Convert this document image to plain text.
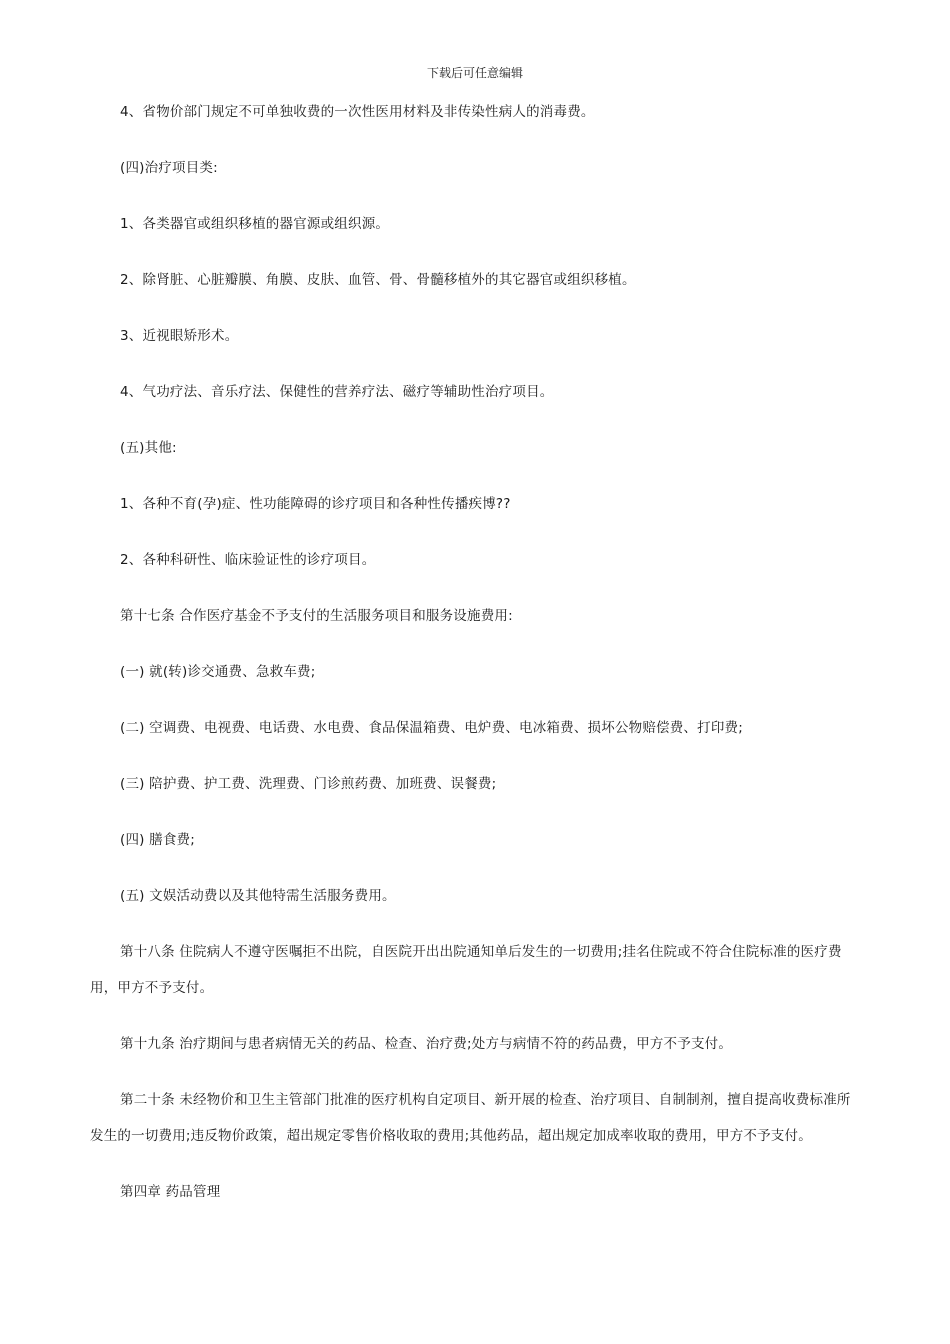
下载后可任意编辑

4、省物价部门规定不可单独收费的一次性医用材料及非传染性病人的消毒费。

(四)治疗项目类:

1、各类器官或组织移植的器官源或组织源。

2、除肾脏、心脏瓣膜、角膜、皮肤、血管、骨、骨髓移植外的其它器官或组织移植。

3、近视眼矫形术。

4、气功疗法、音乐疗法、保健性的营养疗法、磁疗等辅助性治疗项目。

(五)其他:

1、各种不育(孕)症、性功能障碍的诊疗项目和各种性传播疾博??

2、各种科研性、临床验证性的诊疗项目。

第十七条 合作医疗基金不予支付的生活服务项目和服务设施费用:

(一) 就(转)诊交通费、急救车费;

(二) 空调费、电视费、电话费、水电费、食品保温箱费、电炉费、电冰箱费、损坏公物赔偿费、打印费;

(三) 陪护费、护工费、洗理费、门诊煎药费、加班费、误餐费;

(四) 膳食费;

(五) 文娱活动费以及其他特需生活服务费用。

第十八条 住院病人不遵守医嘱拒不出院，自医院开出出院通知单后发生的一切费用;挂名住院或不符合住院标准的医疗费用，甲方不予支付。

第十九条 治疗期间与患者病情无关的药品、检查、治疗费;处方与病情不符的药品费，甲方不予支付。

第二十条 未经物价和卫生主管部门批准的医疗机构自定项目、新开展的检查、治疗项目、自制制剂，擅自提高收费标准所发生的一切费用;违反物价政策，超出规定零售价格收取的费用;其他药品，超出规定加成率收取的费用，甲方不予支付。

第四章 药品管理
